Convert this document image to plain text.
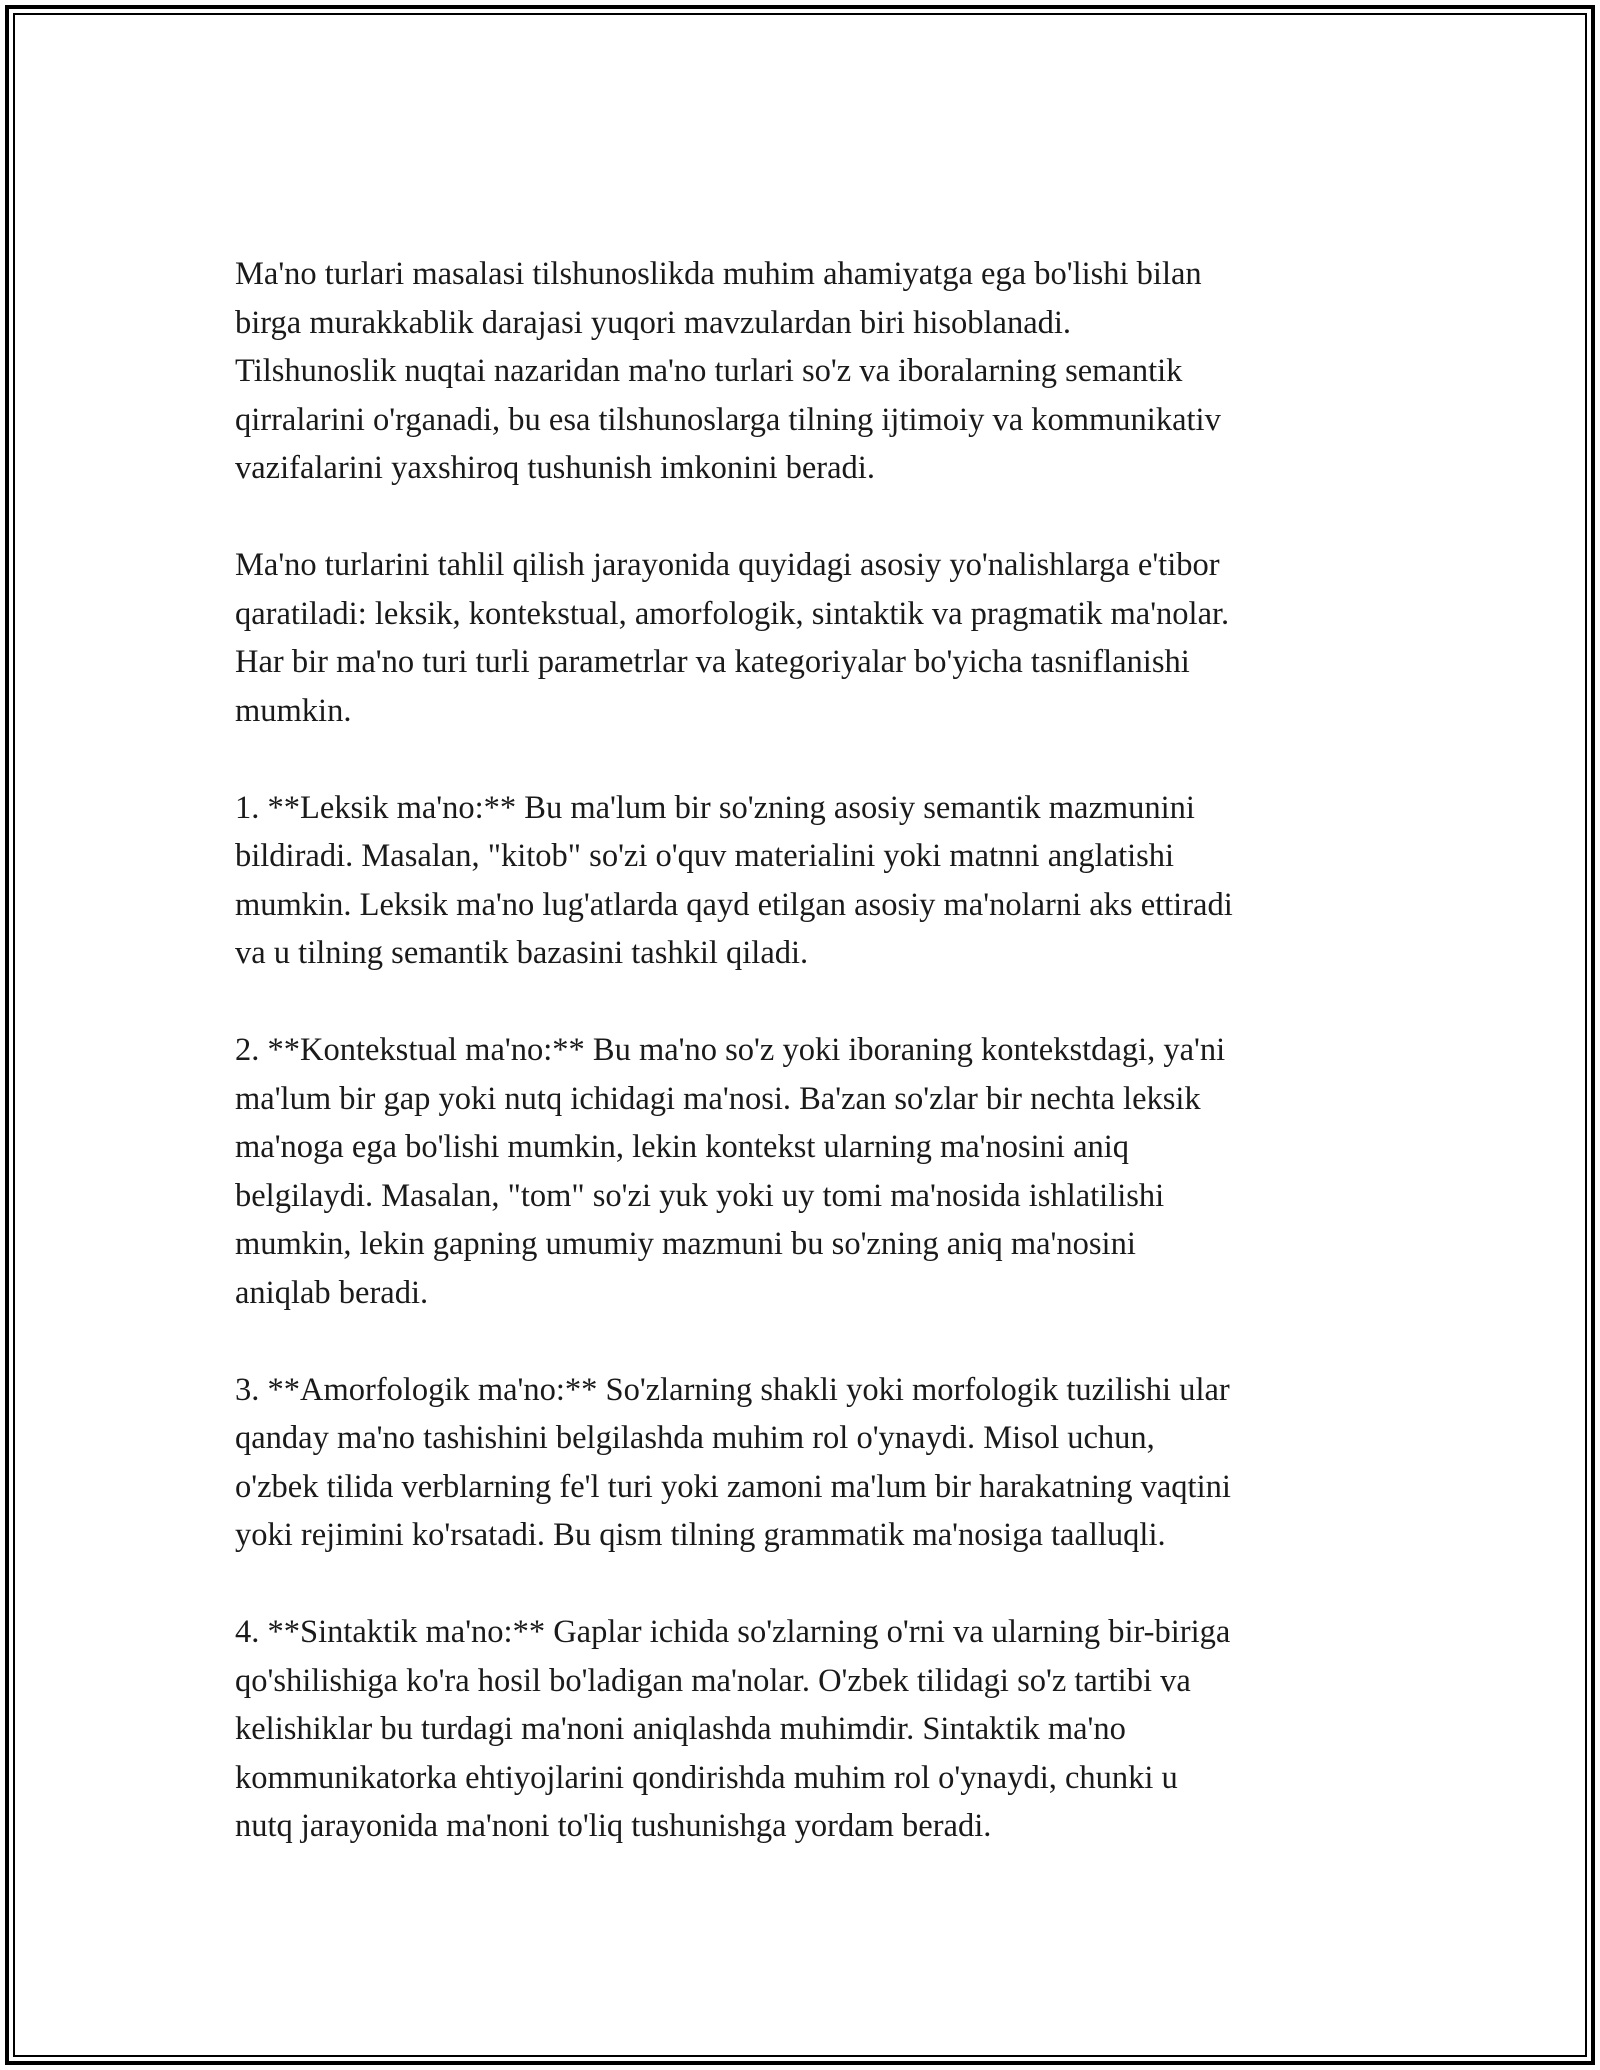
Ma'no turlari masalasi tilshunoslikda muhim ahamiyatga ega bo'lishi bilan
birga murakkablik darajasi yuqori mavzulardan biri hisoblanadi.
Tilshunoslik nuqtai nazaridan ma'no turlari so'z va iboralarning semantik
qirralarini o'rganadi, bu esa tilshunoslarga tilning ijtimoiy va kommunikativ
vazifalarini yaxshiroq tushunish imkonini beradi.

Ma'no turlarini tahlil qilish jarayonida quyidagi asosiy yo'nalishlarga e'tibor
qaratiladi: leksik, kontekstual, amorfologik, sintaktik va pragmatik ma'nolar.
Har bir ma'no turi turli parametrlar va kategoriyalar bo'yicha tasniflanishi
mumkin.

1. **Leksik ma'no:** Bu ma'lum bir so'zning asosiy semantik mazmunini
bildiradi. Masalan, "kitob" so'zi o'quv materialini yoki matnni anglatishi
mumkin. Leksik ma'no lug'atlarda qayd etilgan asosiy ma'nolarni aks ettiradi
va u tilning semantik bazasini tashkil qiladi.

2. **Kontekstual ma'no:** Bu ma'no so'z yoki iboraning kontekstdagi, ya'ni
ma'lum bir gap yoki nutq ichidagi ma'nosi. Ba'zan so'zlar bir nechta leksik
ma'noga ega bo'lishi mumkin, lekin kontekst ularning ma'nosini aniq
belgilaydi. Masalan, "tom" so'zi yuk yoki uy tomi ma'nosida ishlatilishi
mumkin, lekin gapning umumiy mazmuni bu so'zning aniq ma'nosini
aniqlab beradi.

3. **Amorfologik ma'no:** So'zlarning shakli yoki morfologik tuzilishi ular
qanday ma'no tashishini belgilashda muhim rol o'ynaydi. Misol uchun,
o'zbek tilida verblarning fe'l turi yoki zamoni ma'lum bir harakatning vaqtini
yoki rejimini ko'rsatadi. Bu qism tilning grammatik ma'nosiga taalluqli.

4. **Sintaktik ma'no:** Gaplar ichida so'zlarning o'rni va ularning bir-biriga
qo'shilishiga ko'ra hosil bo'ladigan ma'nolar. O'zbek tilidagi so'z tartibi va
kelishiklar bu turdagi ma'noni aniqlashda muhimdir. Sintaktik ma'no
kommunikatorka ehtiyojlarini qondirishda muhim rol o'ynaydi, chunki u
nutq jarayonida ma'noni to'liq tushunishga yordam beradi.
